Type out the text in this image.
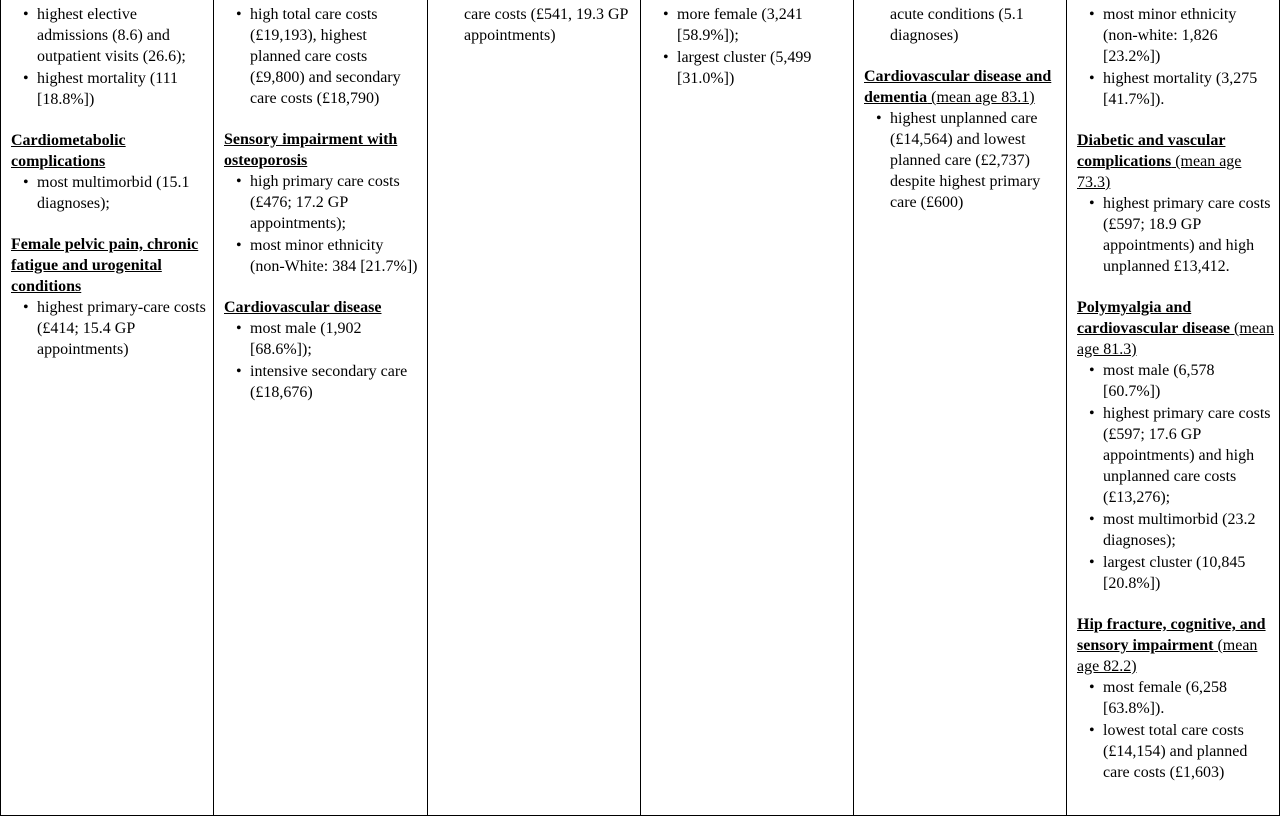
• highest elective admissions (8.6) and outpatient visits (26.6);
• highest mortality (111 [18.8%])
Cardiometabolic complications
• most multimorbid (15.1 diagnoses);
Female pelvic pain, chronic fatigue and urogenital conditions
• highest primary-care costs (£414; 15.4 GP appointments)
• high total care costs (£19,193), highest planned care costs (£9,800) and secondary care costs (£18,790)
Sensory impairment with osteoporosis
• high primary care costs (£476; 17.2 GP appointments);
• most minor ethnicity (non-White: 384 [21.7%])
Cardiovascular disease
• most male (1,902 [68.6%]);
• intensive secondary care (£18,676)
care costs (£541, 19.3 GP appointments)
• more female (3,241 [58.9%]);
• largest cluster (5,499 [31.0%])
acute conditions (5.1 diagnoses)
Cardiovascular disease and dementia (mean age 83.1)
• highest unplanned care (£14,564) and lowest planned care (£2,737) despite highest primary care (£600)
• most minor ethnicity (non-white: 1,826 [23.2%])
• highest mortality (3,275 [41.7%]).
Diabetic and vascular complications (mean age 73.3)
• highest primary care costs (£597; 18.9 GP appointments) and high unplanned £13,412.
Polymyalgia and cardiovascular disease (mean age 81.3)
• most male (6,578 [60.7%])
• highest primary care costs (£597; 17.6 GP appointments) and high unplanned care costs (£13,276);
• most multimorbid (23.2 diagnoses);
• largest cluster (10,845 [20.8%])
Hip fracture, cognitive, and sensory impairment (mean age 82.2)
• most female (6,258 [63.8%]).
• lowest total care costs (£14,154) and planned care costs (£1,603)
